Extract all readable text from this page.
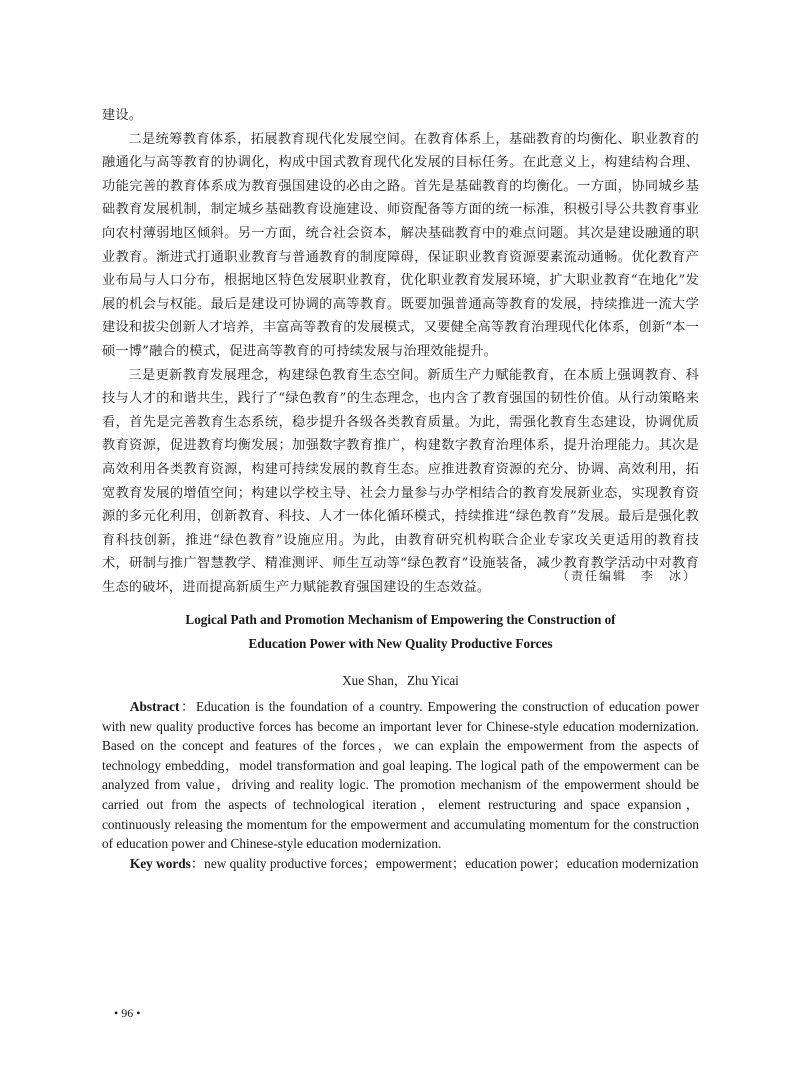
建设。

二是统筹教育体系，拓展教育现代化发展空间。在教育体系上，基础教育的均衡化、职业教育的融通化与高等教育的协调化，构成中国式教育现代化发展的目标任务。在此意义上，构建结构合理、功能完善的教育体系成为教育强国建设的必由之路。首先是基础教育的均衡化。一方面，协同城乡基础教育发展机制，制定城乡基础教育设施建设、师资配备等方面的统一标准，积极引导公共教育事业向农村薄弱地区倾斜。另一方面，统合社会资本，解决基础教育中的难点问题。其次是建设融通的职业教育。渐进式打通职业教育与普通教育的制度障碍，保证职业教育资源要素流动通畅。优化教育产业布局与人口分布，根据地区特色发展职业教育，优化职业教育发展环境，扩大职业教育“在地化”发展的机会与权能。最后是建设可协调的高等教育。既要加强普通高等教育的发展，持续推进一流大学建设和拔尖创新人才培养，丰富高等教育的发展模式，又要健全高等教育治理现代化体系，创新“本一硕一博”融合的模式，促进高等教育的可持续发展与治理效能提升。

三是更新教育发展理念，构建绿色教育生态空间。新质生产力赋能教育，在本质上强调教育、科技与人才的和谐共生，践行了“绿色教育”的生态理念，也内含了教育强国的韧性价值。从行动策略来看，首先是完善教育生态系统，稳步提升各级各类教育质量。为此，需强化教育生态建设，协调优质教育资源，促进教育均衡发展；加强数字教育推广，构建数字教育治理体系，提升治理能力。其次是高效利用各类教育资源，构建可持续发展的教育生态。应推进教育资源的充分、协调、高效利用，拓宽教育发展的增值空间；构建以学校主导、社会力量参与办学相结合的教育发展新业态，实现教育资源的多元化利用，创新教育、科技、人才一体化循环模式，持续推进“绿色教育”发展。最后是强化教育科技创新，推进“绿色教育”设施应用。为此，由教育研究机构联合企业专家攻关更适用的教育技术，研制与推广智慧教学、精准测评、师生互动等“绿色教育”设施装备，减少教育教学活动中对教育生态的破坏，进而提高新质生产力赋能教育强国建设的生态效益。

（责任编辑　李　冰）

Logical Path and Promotion Mechanism of Empowering the Construction of
Education Power with New Quality Productive Forces

Xue Shan，Zhu Yicai

Abstract：Education is the foundation of a country. Empowering the construction of education power with new quality productive forces has become an important lever for Chinese-style education modernization. Based on the concept and features of the forces，we can explain the empowerment from the aspects of technology embedding，model transformation and goal leaping. The logical path of the empowerment can be analyzed from value，driving and reality logic. The promotion mechanism of the empowerment should be carried out from the aspects of technological iteration，element restructuring and space expansion，continuously releasing the momentum for the empowerment and accumulating momentum for the construction of education power and Chinese-style education modernization.

Key words：new quality productive forces；empowerment；education power；education modernization

• 96 •
